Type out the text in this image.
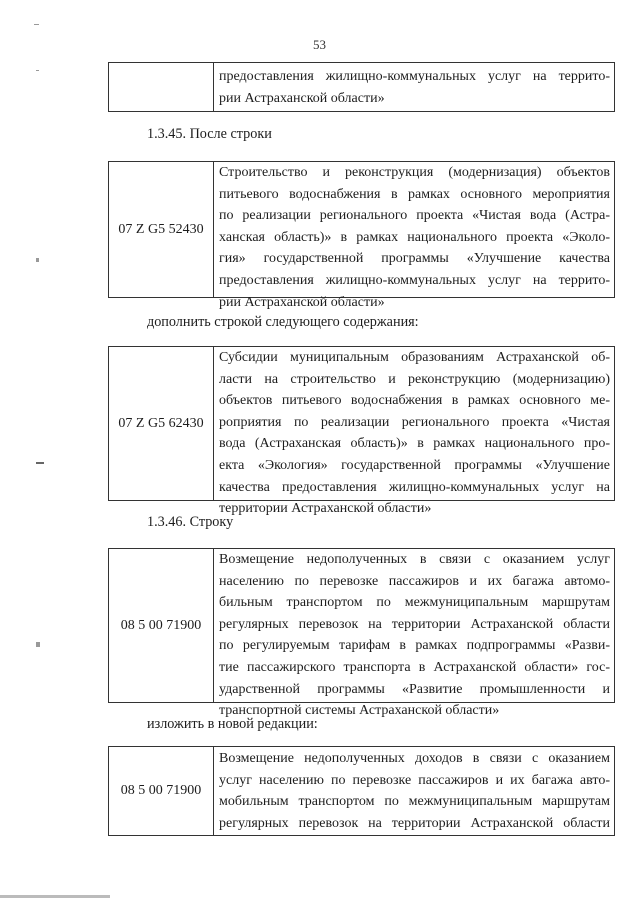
53
предоставления жилищно-коммунальных услуг на террито-
рии Астраханской области»
1.3.45. После строки
07 Z G5 52430
Строительство и реконструкция (модернизация) объектов
питьевого водоснабжения в рамках основного мероприятия
по реализации регионального проекта «Чистая вода (Астра-
ханская область)» в рамках национального проекта «Эколо-
гия» государственной программы «Улучшение качества
предоставления жилищно-коммунальных услуг на террито-
рии Астраханской области»
дополнить строкой следующего содержания:
07 Z G5 62430
Субсидии муниципальным образованиям Астраханской об-
ласти на строительство и реконструкцию (модернизацию)
объектов питьевого водоснабжения в рамках основного ме-
роприятия по реализации регионального проекта «Чистая
вода (Астраханская область)» в рамках национального про-
екта «Экология» государственной программы «Улучшение
качества предоставления жилищно-коммунальных услуг на
территории Астраханской области»
1.3.46. Строку
08 5 00 71900
Возмещение недополученных в связи с оказанием услуг
населению по перевозке пассажиров и их багажа автомо-
бильным транспортом по межмуниципальным маршрутам
регулярных перевозок на территории Астраханской области
по регулируемым тарифам в рамках подпрограммы «Разви-
тие пассажирского транспорта в Астраханской области» гос-
ударственной программы «Развитие промышленности и
транспортной системы Астраханской области»
изложить в новой редакции:
08 5 00 71900
Возмещение недополученных доходов в связи с оказанием
услуг населению по перевозке пассажиров и их багажа авто-
мобильным транспортом по межмуниципальным маршрутам
регулярных перевозок на территории Астраханской области
